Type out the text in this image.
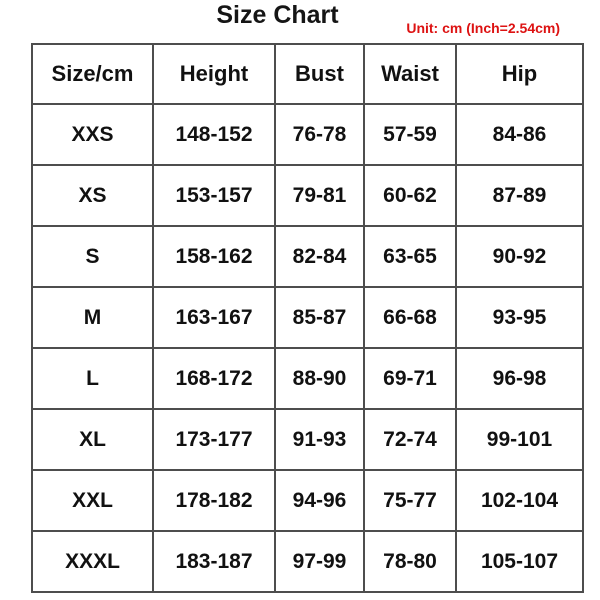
Size Chart	Unit: cm (Inch=2.54cm)
Size/cm	Height	Bust	Waist	Hip
XXS	148-152	76-78	57-59	84-86
XS	153-157	79-81	60-62	87-89
S	158-162	82-84	63-65	90-92
M	163-167	85-87	66-68	93-95
L	168-172	88-90	69-71	96-98
XL	173-177	91-93	72-74	99-101
XXL	178-182	94-96	75-77	102-104
XXXL	183-187	97-99	78-80	105-107
